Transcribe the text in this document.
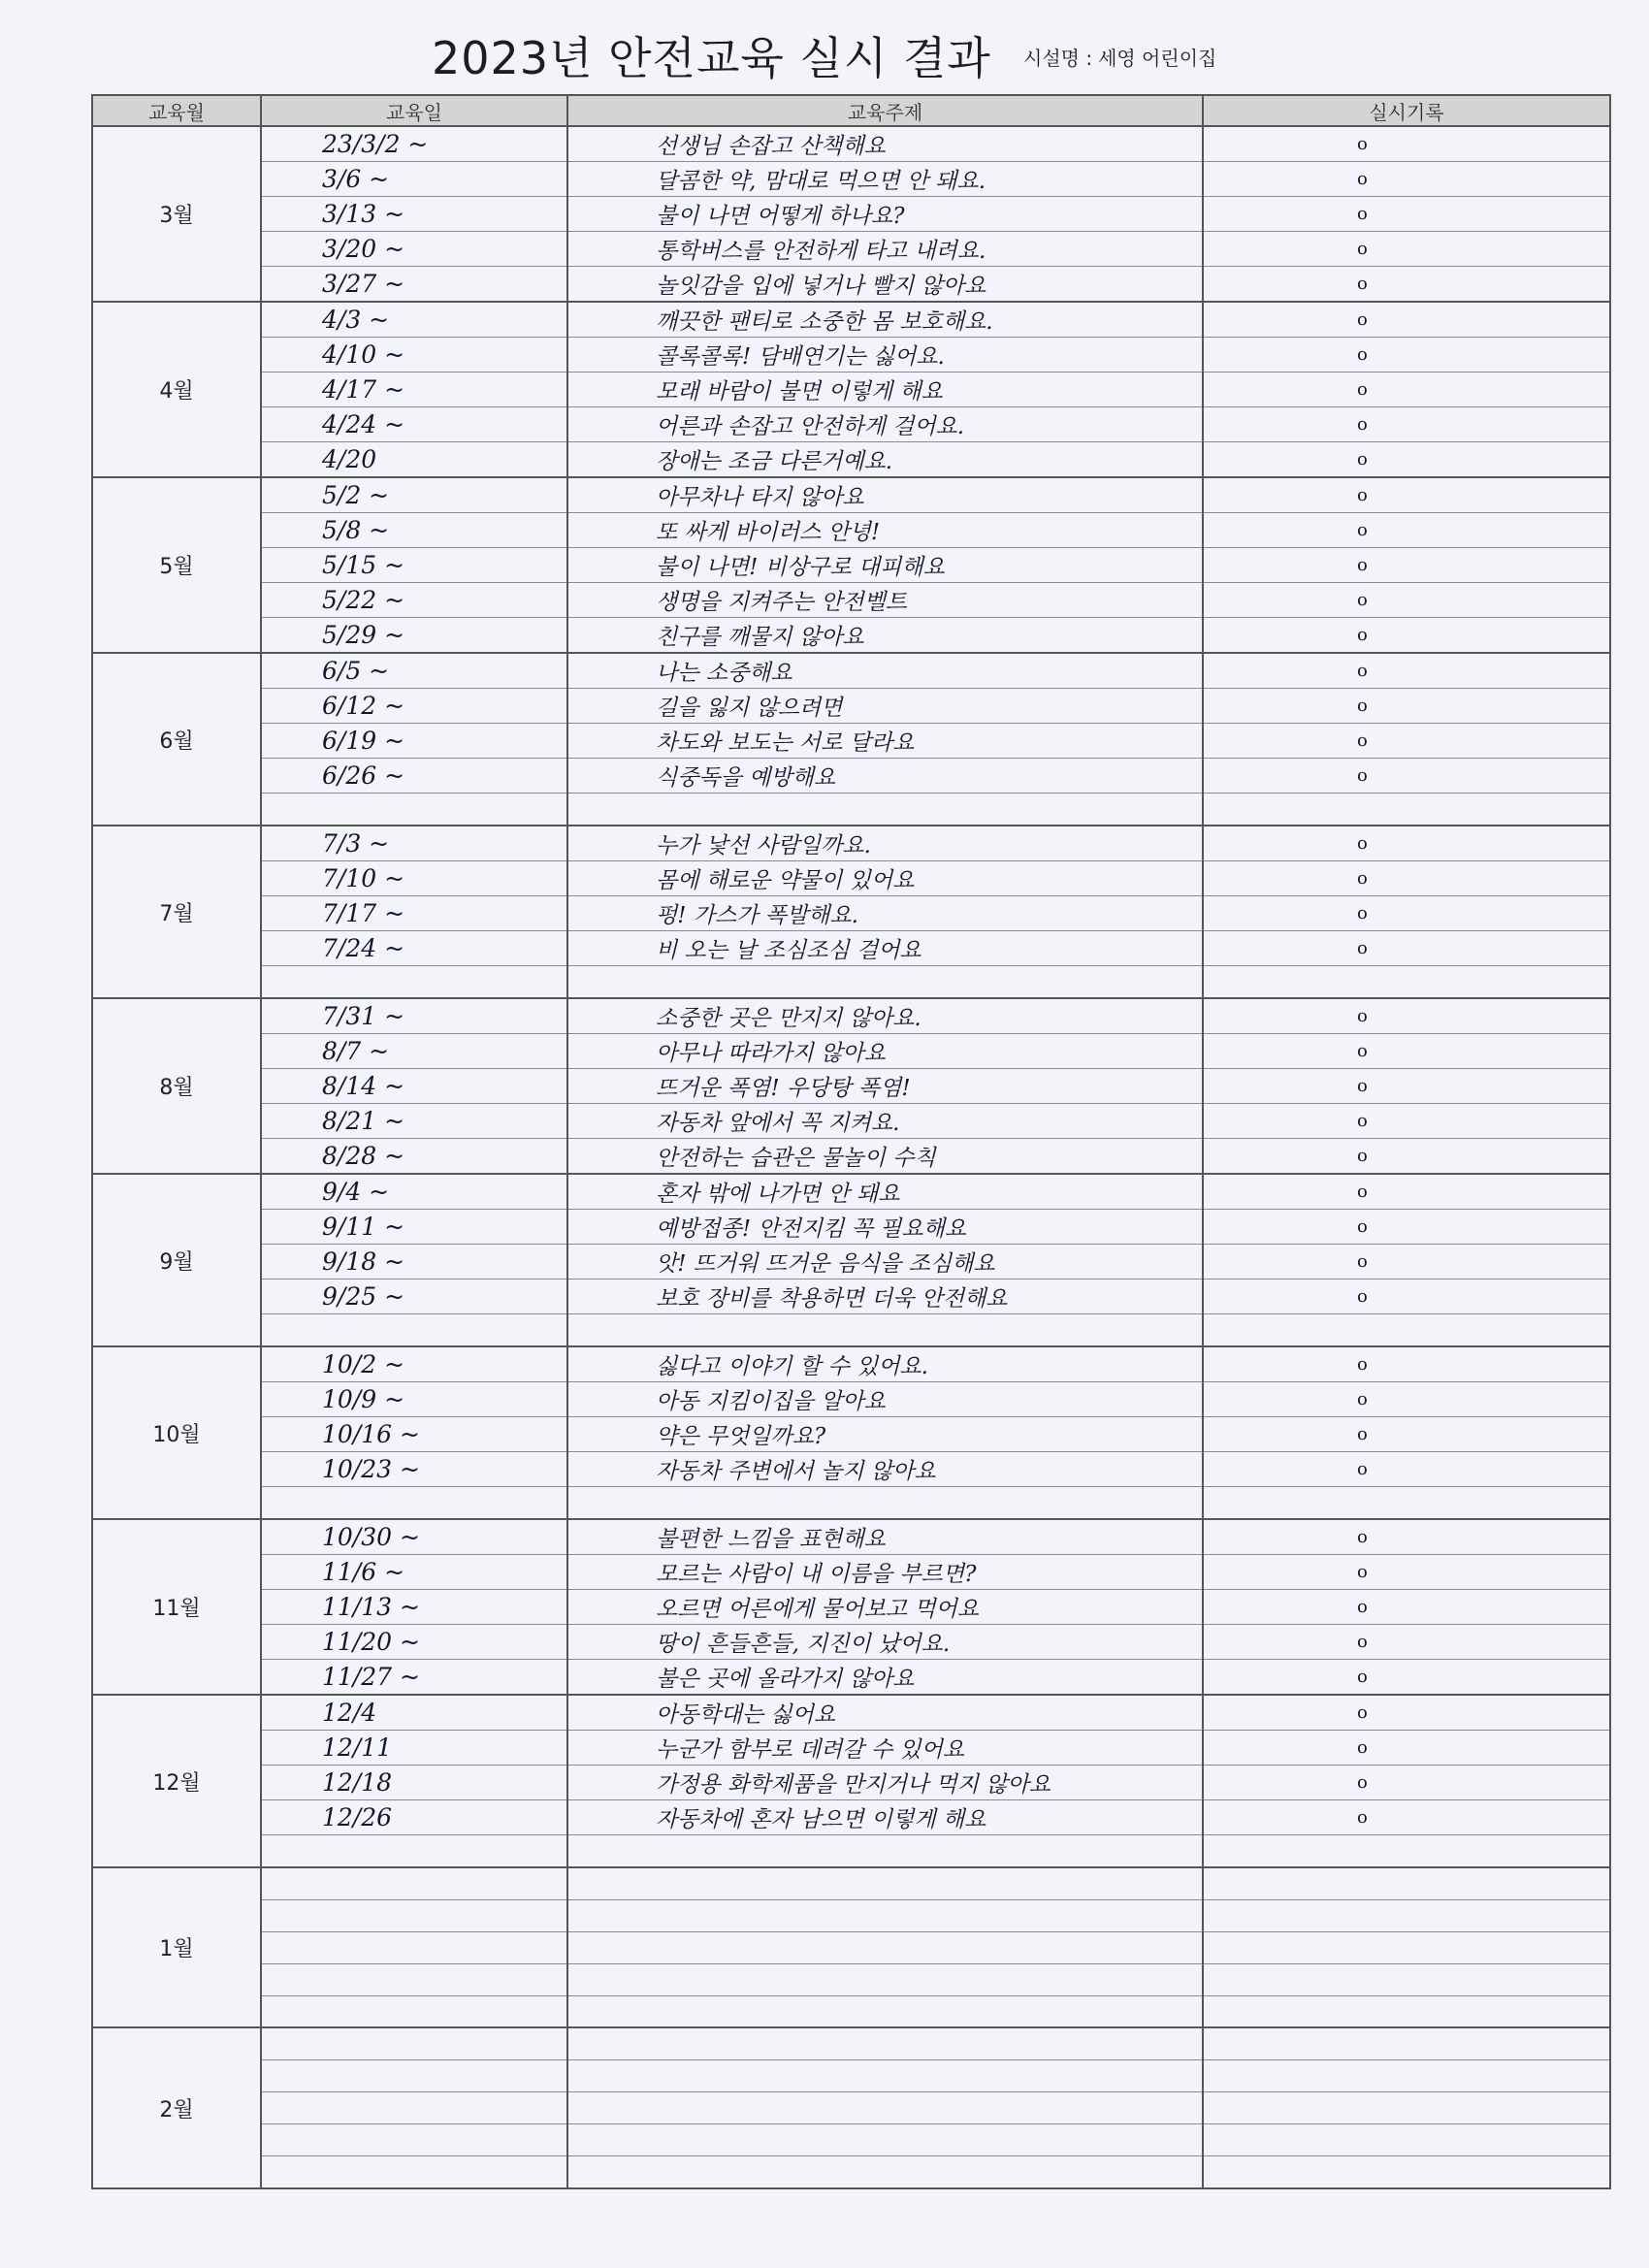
2023년 안전교육 실시 결과 시설명 : 세영 어린이집
교육월	교육일	교육주제	실시기록
3월	23/3/2 ~	선생님 손잡고 산책해요	o
	3/6 ~	달콤한 약, 맘대로 먹으면 안 돼요.	o
	3/13 ~	불이 나면 어떻게 하나요?	o
	3/20 ~	통학버스를 안전하게 타고 내려요.	o
	3/27 ~	놀잇감을 입에 넣거나 빨지 않아요	o
4월	4/3 ~	깨끗한 팬티로 소중한 몸 보호해요.	o
	4/10 ~	콜록콜록! 담배연기는 싫어요.	o
	4/17 ~	모래 바람이 불면 이렇게 해요	o
	4/24 ~	어른과 손잡고 안전하게 걸어요.	o
	4/20	장애는 조금 다른거예요.	o
5월	5/2 ~	아무차나 타지 않아요	o
	5/8 ~	또 싸게 바이러스 안녕!	o
	5/15 ~	불이 나면! 비상구로 대피해요	o
	5/22 ~	생명을 지켜주는 안전벨트	o
	5/29 ~	친구를 깨물지 않아요	o
6월	6/5 ~	나는 소중해요	o
	6/12 ~	길을 잃지 않으려면	o
	6/19 ~	차도와 보도는 서로 달라요	o
	6/26 ~	식중독을 예방해요	o

7월	7/3 ~	누가 낯선 사람일까요.	o
	7/10 ~	몸에 해로운 약물이 있어요	o
	7/17 ~	펑! 가스가 폭발해요.	o
	7/24 ~	비 오는 날 조심조심 걸어요	o

8월	7/31 ~	소중한 곳은 만지지 않아요.	o
	8/7 ~	아무나 따라가지 않아요	o
	8/14 ~	뜨거운 폭염! 우당탕 폭염!	o
	8/21 ~	자동차 앞에서 꼭 지켜요.	o
	8/28 ~	안전하는 습관은 물놀이 수칙	o
9월	9/4 ~	혼자 밖에 나가면 안 돼요	o
	9/11 ~	예방접종! 안전지킴 꼭 필요해요	o
	9/18 ~	앗! 뜨거워 뜨거운 음식을 조심해요	o
	9/25 ~	보호 장비를 착용하면 더욱 안전해요	o

10월	10/2 ~	싫다고 이야기 할 수 있어요.	o
	10/9 ~	아동 지킴이집을 알아요	o
	10/16 ~	약은 무엇일까요?	o
	10/23 ~	자동차 주변에서 놀지 않아요	o

11월	10/30 ~	불편한 느낌을 표현해요	o
	11/6 ~	모르는 사람이 내 이름을 부르면?	o
	11/13 ~	오르면 어른에게 물어보고 먹어요	o
	11/20 ~	땅이 흔들흔들, 지진이 났어요.	o
	11/27 ~	불은 곳에 올라가지 않아요	o
12월	12/4	아동학대는 싫어요	o
	12/11	누군가 함부로 데려갈 수 있어요	o
	12/18	가정용 화학제품을 만지거나 먹지 않아요	o
	12/26	자동차에 혼자 남으면 이렇게 해요	o

1월			

2월			
